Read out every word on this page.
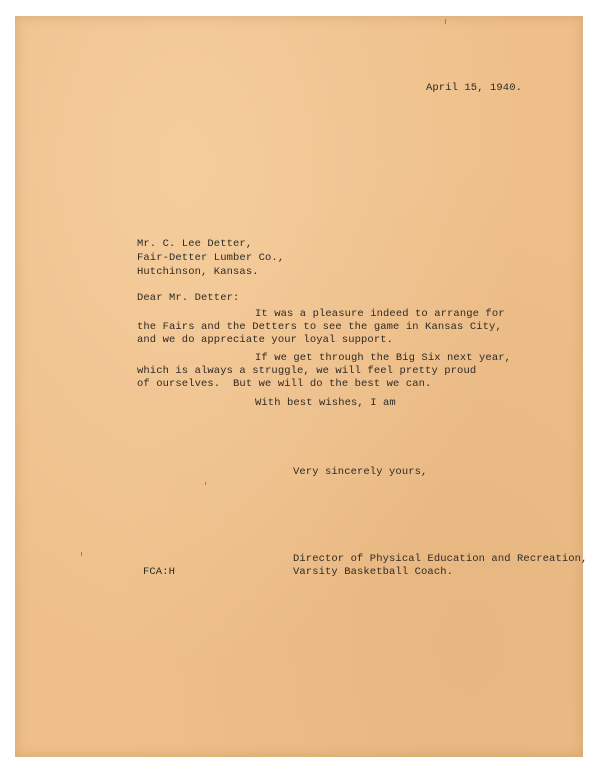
April 15, 1940.

Mr. C. Lee Detter,

Fair-Detter Lumber Co.,

Hutchinson, Kansas.

Dear Mr. Detter:

It was a pleasure indeed to arrange for

the Fairs and the Detters to see the game in Kansas City,

and we do appreciate your loyal support.

If we get through the Big Six next year,

which is always a struggle, we will feel pretty proud

of ourselves.  But we will do the best we can.

With best wishes, I am

Very sincerely yours,

Director of Physical Education and Recreation,

Varsity Basketball Coach.

FCA:H
